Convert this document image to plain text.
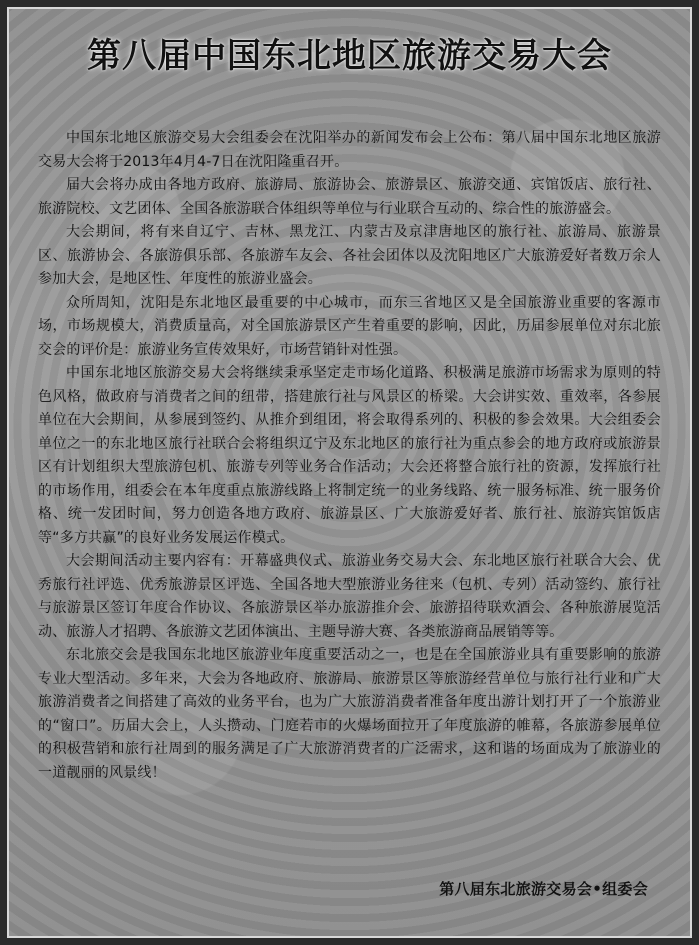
第八届中国东北地区旅游交易大会

中国东北地区旅游交易大会组委会在沈阳举办的新闻发布会上公布：第八届中国东北地区旅游交易大会将于2013年4月4-7日在沈阳隆重召开。

届大会将办成由各地方政府、旅游局、旅游协会、旅游景区、旅游交通、宾馆饭店、旅行社、旅游院校、文艺团体、全国各旅游联合体组织等单位与行业联合互动的、综合性的旅游盛会。

大会期间，将有来自辽宁、吉林、黑龙江、内蒙古及京津唐地区的旅行社、旅游局、旅游景区、旅游协会、各旅游俱乐部、各旅游车友会、各社会团体以及沈阳地区广大旅游爱好者数万余人参加大会，是地区性、年度性的旅游业盛会。

众所周知，沈阳是东北地区最重要的中心城市，而东三省地区又是全国旅游业重要的客源市场，市场规模大，消费质量高，对全国旅游景区产生着重要的影响，因此，历届参展单位对东北旅交会的评价是：旅游业务宣传效果好，市场营销针对性强。

中国东北地区旅游交易大会将继续秉承坚定走市场化道路、积极满足旅游市场需求为原则的特色风格，做政府与消费者之间的纽带，搭建旅行社与风景区的桥梁。大会讲实效、重效率，各参展单位在大会期间，从参展到签约、从推介到组团，将会取得系列的、积极的参会效果。大会组委会单位之一的东北地区旅行社联合会将组织辽宁及东北地区的旅行社为重点参会的地方政府或旅游景区有计划组织大型旅游包机、旅游专列等业务合作活动；大会还将整合旅行社的资源，发挥旅行社的市场作用，组委会在本年度重点旅游线路上将制定统一的业务线路、统一服务标准、统一服务价格、统一发团时间，努力创造各地方政府、旅游景区、广大旅游爱好者、旅行社、旅游宾馆饭店等“多方共赢”的良好业务发展运作模式。

大会期间活动主要内容有：开幕盛典仪式、旅游业务交易大会、东北地区旅行社联合大会、优秀旅行社评选、优秀旅游景区评选、全国各地大型旅游业务往来（包机、专列）活动签约、旅行社与旅游景区签订年度合作协议、各旅游景区举办旅游推介会、旅游招待联欢酒会、各种旅游展览活动、旅游人才招聘、各旅游文艺团体演出、主题导游大赛、各类旅游商品展销等等。

东北旅交会是我国东北地区旅游业年度重要活动之一，也是在全国旅游业具有重要影响的旅游专业大型活动。多年来，大会为各地政府、旅游局、旅游景区等旅游经营单位与旅行社行业和广大旅游消费者之间搭建了高效的业务平台，也为广大旅游消费者准备年度出游计划打开了一个旅游业的“窗口”。历届大会上，人头攒动、门庭若市的火爆场面拉开了年度旅游的帷幕，各旅游参展单位的积极营销和旅行社周到的服务满足了广大旅游消费者的广泛需求，这和谐的场面成为了旅游业的一道靓丽的风景线！

第八届东北旅游交易会•组委会
